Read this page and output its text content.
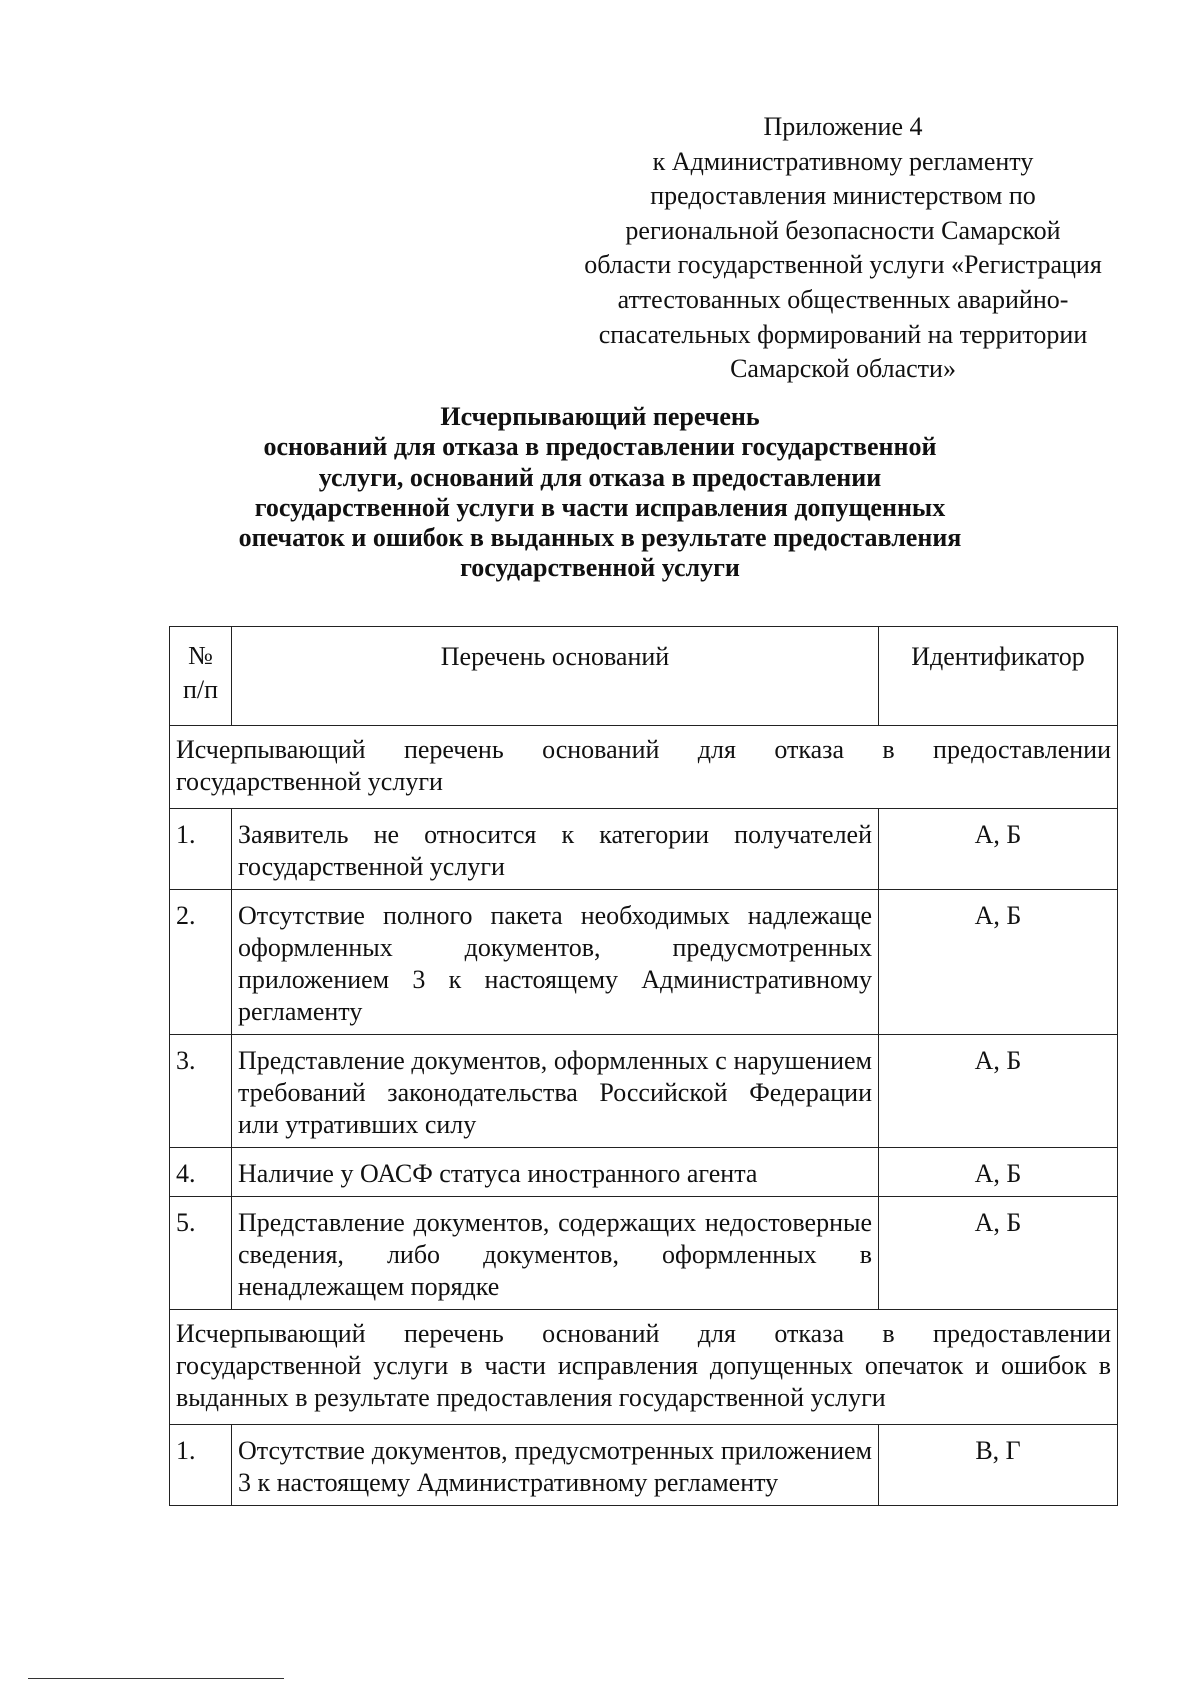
Приложение 4
к Административному регламенту
предоставления министерством по
региональной безопасности Самарской
области государственной услуги «Регистрация
аттестованных общественных аварийно-
спасательных формирований на территории
Самарской области»
Исчерпывающий перечень
оснований для отказа в предоставлении государственной
услуги, оснований для отказа в предоставлении
государственной услуги в части исправления допущенных
опечаток и ошибок в выданных в результате предоставления
государственной услуги
№ п/п	Перечень оснований	Идентификатор
Исчерпывающий перечень оснований для отказа в предоставлении государственной услуги		
1.	Заявитель не относится к категории получателей государственной услуги	А, Б
2.	Отсутствие полного пакета необходимых надлежаще оформленных документов, предусмотренных приложением 3 к настоящему Административному регламенту	А, Б
3.	Представление документов, оформленных с нарушением требований законодательства Российской Федерации или утративших силу	А, Б
4.	Наличие у ОАСФ статуса иностранного агента	А, Б
5.	Представление документов, содержащих недостоверные сведения, либо документов, оформленных в ненадлежащем порядке	А, Б
Исчерпывающий перечень оснований для отказа в предоставлении государственной услуги в части исправления допущенных опечаток и ошибок в выданных в результате предоставления государственной услуги		
1.	Отсутствие документов, предусмотренных приложением 3 к настоящему Административному регламенту	В, Г
